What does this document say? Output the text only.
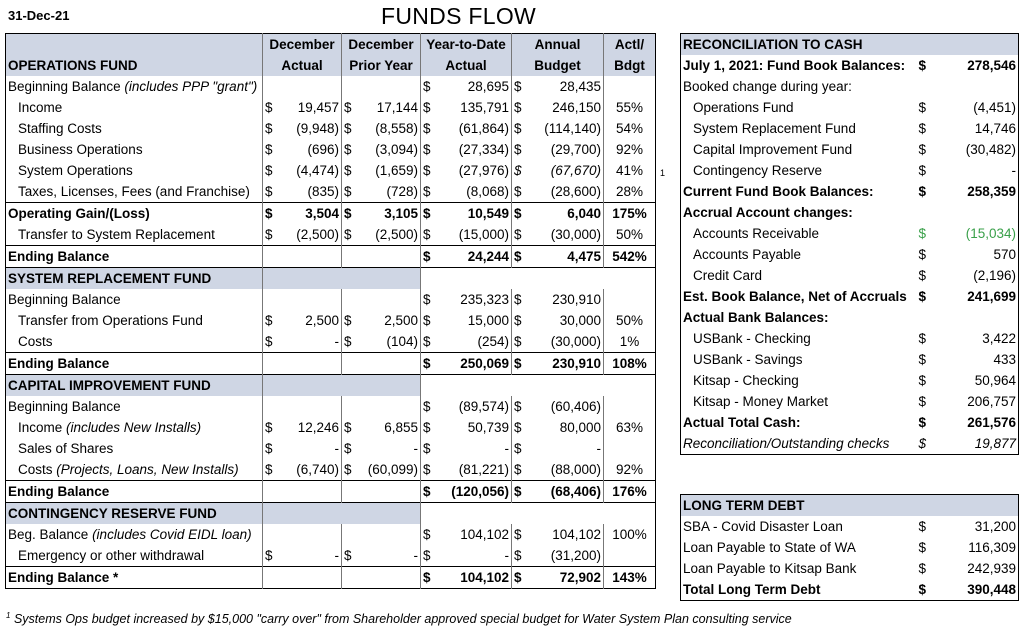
31-Dec-21	FUNDS FLOW
	December	December	Year-to-Date	Annual	Actl/
OPERATIONS FUND	Actual	Prior Year	Actual	Budget	Bdgt
Beginning Balance (includes PPP "grant")			$ 28,695	$ 28,435	

Income	$ 19,457	$ 17,144	$ 135,791	$ 246,150	55%
Staffing Costs	$ (9,948)	$ (8,558)	$ (61,864)	$ (114,140)	54%
Business Operations	$ (696)	$ (3,094)	$ (27,334)	$ (29,700)	92%
System Operations	$ (4,474)	$ (1,659)	$ (27,976)	$ (67,670)	41%
Taxes, Licenses, Fees (and Franchise)	$ (835)	$ (728)	$ (8,068)	$ (28,600)	28%
Operating Gain/(Loss)	$ 3,504	$ 3,105	$ 10,549	$ 6,040	175%
Transfer to System Replacement	$ (2,500)	$ (2,500)	$ (15,000)	$ (30,000)	50%
Ending Balance			$ 24,244	$ 4,475	542%
SYSTEM REPLACEMENT FUND					
Beginning Balance			$ 235,323	$ 230,910	

Transfer from Operations Fund	$ 2,500	$ 2,500	$ 15,000	$ 30,000	50%
Costs	$ -	$ (104)	$ (254)	$ (30,000)	1%
Ending Balance			$ 250,069	$ 230,910	108%
CAPITAL IMPROVEMENT FUND					
Beginning Balance			$ (89,574)	$ (60,406)	

Income (includes New Installs)	$ 12,246	$ 6,855	$ 50,739	$ 80,000	63%
Sales of Shares	$ -	$ -	$ -	$ -	

Costs (Projects, Loans, New Installs)	$ (6,740)	$ (60,099)	$ (81,221)	$ (88,000)	92%
Ending Balance			$ (120,056)	$ (68,406)	176%
CONTINGENCY RESERVE FUND					
Beg. Balance (includes Covid EIDL loan)			$ 104,102	$ 104,102	100%
Emergency or other withdrawal	$ -	$ -	$ -	$ (31,200)	

Ending Balance *			$ 104,102	$ 72,902	143%
1
RECONCILIATION TO CASH		
July 1, 2021: Fund Book Balances:	$	278,546
Booked change during year:		
Operations Fund	$	(4,451)
System Replacement Fund	$	14,746
Capital Improvement Fund	$	(30,482)
Contingency Reserve	$	-
Current Fund Book Balances:	$	258,359
Accrual Account changes:		
Accounts Receivable	$	(15,034)
Accounts Payable	$	570
Credit Card	$	(2,196)
Est. Book Balance, Net of Accruals	$	241,699
Actual Bank Balances:		
USBank - Checking	$	3,422
USBank - Savings	$	433
Kitsap - Checking	$	50,964
Kitsap - Money Market	$	206,757
Actual Total Cash:	$	261,576
Reconciliation/Outstanding checks	$	19,877
LONG TERM DEBT		
SBA - Covid Disaster Loan	$	31,200
Loan Payable to State of WA	$	116,309
Loan Payable to Kitsap Bank	$	242,939
Total Long Term Debt	$	390,448
$^1$ Systems Ops budget increased by $15,000 "carry over" from Shareholder approved special budget for Water System Plan consulting service
